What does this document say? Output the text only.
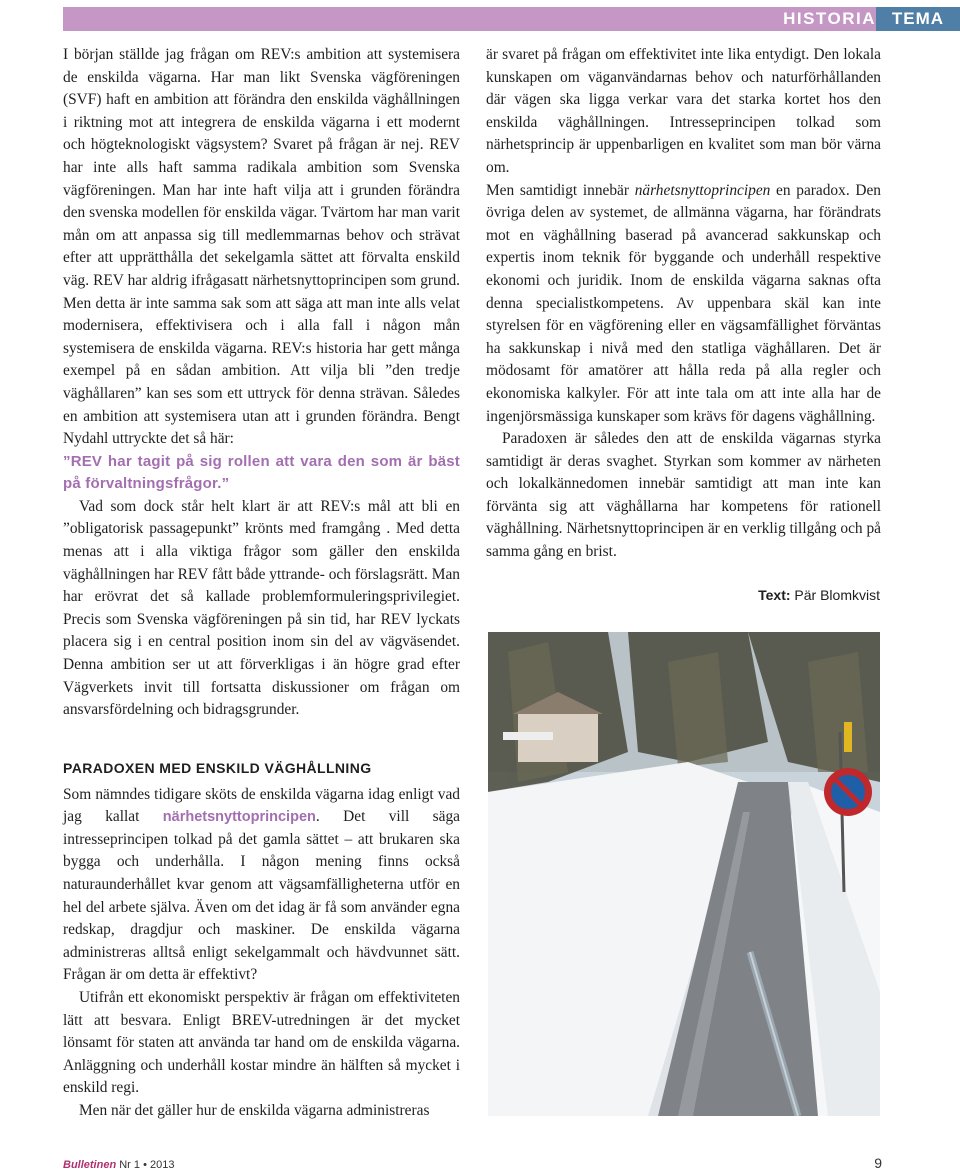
HISTORIA TEMA

I början ställde jag frågan om REV:s ambition att systemisera de enskilda vägarna. Har man likt Svenska vägföreningen (SVF) haft en ambition att förändra den enskilda väghållningen i riktning mot att integrera de enskilda vägarna i ett modernt och högteknologiskt vägsystem? Svaret på frågan är nej. REV har inte alls haft samma radikala ambition som Svenska vägföreningen. Man har inte haft vilja att i grunden förändra den svenska modellen för enskilda vägar. Tvärtom har man varit mån om att anpassa sig till medlemmarnas behov och strävat efter att upprätthålla det sekelgamla sättet att förvalta enskild väg. REV har aldrig ifrågasatt närhetsnyttoprincipen som grund. Men detta är inte samma sak som att säga att man inte alls velat modernisera, effektivisera och i alla fall i någon mån systemisera de enskilda vägarna. REV:s historia har gett många exempel på en sådan ambition. Att vilja bli ”den tredje väghållaren” kan ses som ett uttryck för denna strävan. Således en ambition att systemisera utan att i grunden förändra. Bengt Nydahl uttryckte det så här:

”REV har tagit på sig rollen att vara den som är bäst på förvaltningsfrågor.”

Vad som dock står helt klart är att REV:s mål att bli en ”obligatorisk passagepunkt” krönts med framgång . Med detta menas att i alla viktiga frågor som gäller den enskilda väghållningen har REV fått både yttrande- och förslagsrätt. Man har erövrat det så kallade problemformuleringsprivilegiet. Precis som Svenska vägföreningen på sin tid, har REV lyckats placera sig i en central position inom sin del av vägväsendet. Denna ambition ser ut att förverkligas i än högre grad efter Vägverkets invit till fortsatta diskussioner om frågan om ansvarsfördelning och bidragsgrunder.

PARADOXEN MED ENSKILD VÄGHÅLLNING

Som nämndes tidigare sköts de enskilda vägarna idag enligt vad jag kallat närhetsnyttoprincipen. Det vill säga intresseprincipen tolkad på det gamla sättet – att brukaren ska bygga och underhålla. I någon mening finns också naturaunderhållet kvar genom att vägsamfälligheterna utför en hel del arbete själva. Även om det idag är få som använder egna redskap, dragdjur och maskiner. De enskilda vägarna administreras alltså enligt sekelgammalt och hävdvunnet sätt. Frågan är om detta är effektivt?

Utifrån ett ekonomiskt perspektiv är frågan om effektiviteten lätt att besvara. Enligt BREV-utredningen är det mycket lönsamt för staten att använda tar hand om de enskilda vägarna. Anläggning och underhåll kostar mindre än hälften så mycket i enskild regi.

Men när det gäller hur de enskilda vägarna administreras

är svaret på frågan om effektivitet inte lika entydigt. Den lokala kunskapen om väganvändarnas behov och naturförhållanden där vägen ska ligga verkar vara det starka kortet hos den enskilda väghållningen. Intresseprincipen tolkad som närhetsprincip är uppenbarligen en kvalitet som man bör värna om.

Men samtidigt innebär närhetsnyttoprincipen en paradox. Den övriga delen av systemet, de allmänna vägarna, har förändrats mot en väghållning baserad på avancerad sakkunskap och expertis inom teknik för byggande och underhåll respektive ekonomi och juridik. Inom de enskilda vägarna saknas ofta denna specialistkompetens. Av uppenbara skäl kan inte styrelsen för en vägförening eller en vägsamfällighet förväntas ha sakkunskap i nivå med den statliga väghållaren. Det är mödosamt för amatörer att hålla reda på alla regler och ekonomiska kalkyler. För att inte tala om att inte alla har de ingenjörsmässiga kunskaper som krävs för dagens väghållning.

Paradoxen är således den att de enskilda vägarnas styrka samtidigt är deras svaghet. Styrkan som kommer av närheten och lokalkännedomen innebär samtidigt att man inte kan förvänta sig att väghållarna har kompetens för rationell väghållning. Närhetsnyttoprincipen är en verklig tillgång och på samma gång en brist.

Text: Pär Blomkvist
Bulletinen Nr 1 • 2013	9
